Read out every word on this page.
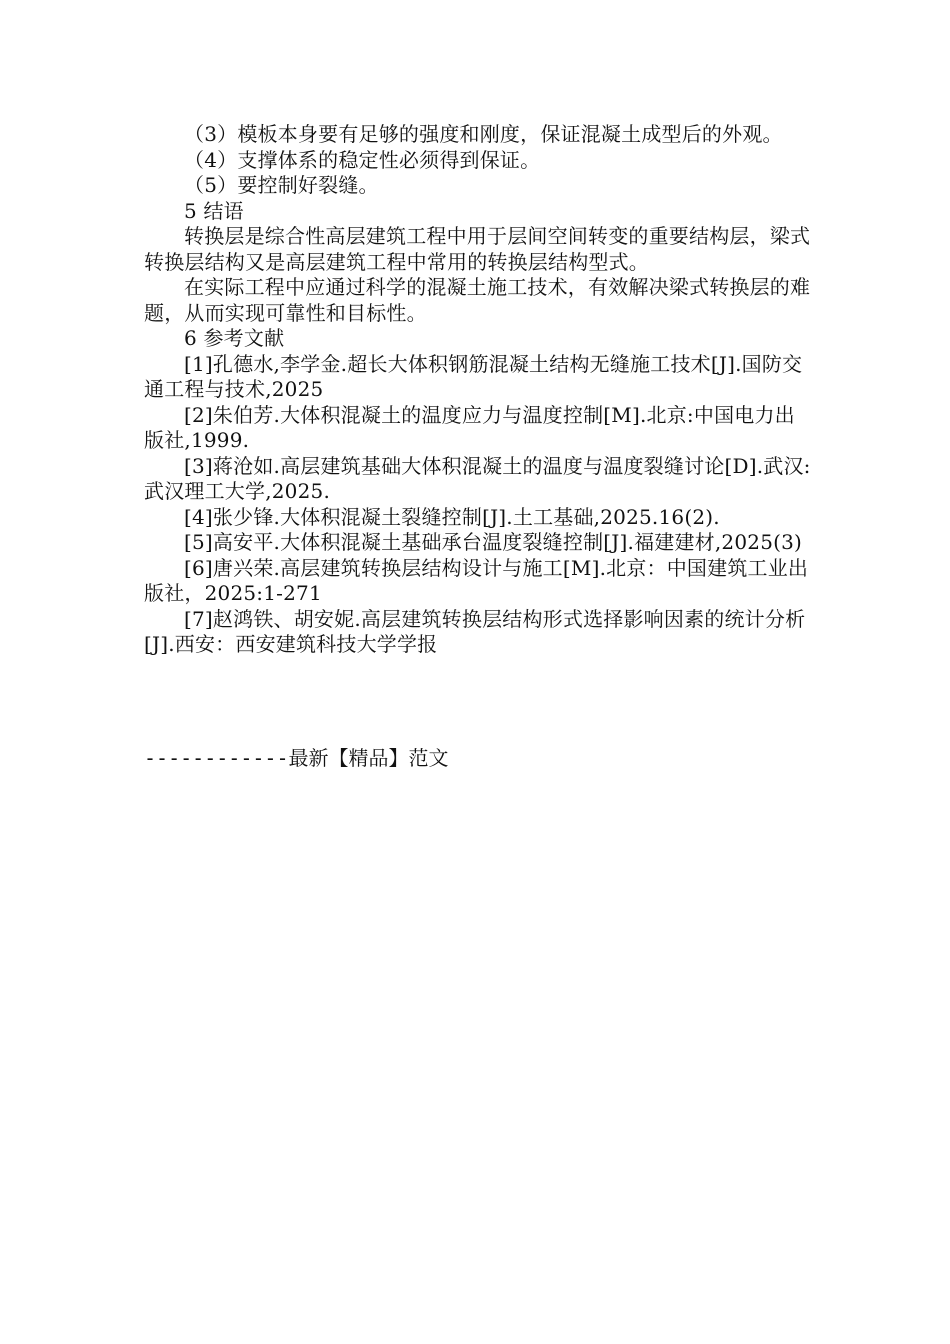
（3）模板本身要有足够的强度和刚度，保证混凝土成型后的外观。

（4）支撑体系的稳定性必须得到保证。

（5）要控制好裂缝。

5 结语

转换层是综合性高层建筑工程中用于层间空间转变的重要结构层，梁式转换层结构又是高层建筑工程中常用的转换层结构型式。

在实际工程中应通过科学的混凝土施工技术，有效解决梁式转换层的难题，从而实现可靠性和目标性。

6 参考文献

[1]孔德水,李学金.超长大体积钢筋混凝土结构无缝施工技术[J].国防交通工程与技术,2025

[2]朱伯芳.大体积混凝土的温度应力与温度控制[M].北京:中国电力出版社,1999.

[3]蒋沧如.高层建筑基础大体积混凝土的温度与温度裂缝讨论[D].武汉:武汉理工大学,2025.

[4]张少锋.大体积混凝土裂缝控制[J].土工基础,2025.16(2).

[5]高安平.大体积混凝土基础承台温度裂缝控制[J].福建建材,2025(3)

[6]唐兴荣.高层建筑转换层结构设计与施工[M].北京：中国建筑工业出版社，2025:1-271

[7]赵鸿铁、胡安妮.高层建筑转换层结构形式选择影响因素的统计分析[J].西安：西安建筑科技大学学报

------------最新【精品】范文
